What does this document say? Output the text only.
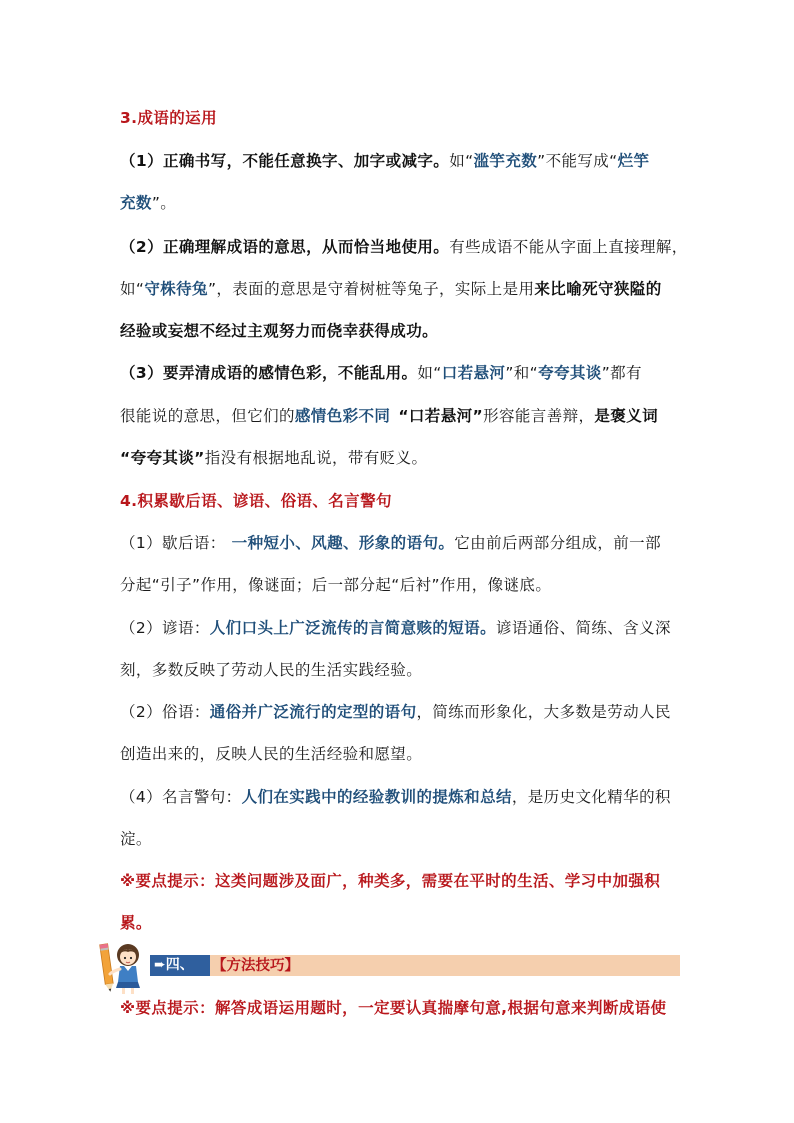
3.成语的运用
（1）正确书写，不能任意换字、加字或减字。如“滥竽充数”不能写成“烂竽
充数”。
（2）正确理解成语的意思，从而恰当地使用。有些成语不能从字面上直接理解，
如“守株待兔”，表面的意思是守着树桩等兔子，实际上是用来比喻死守狭隘的
经验或妄想不经过主观努力而侥幸获得成功。
（3）要弄清成语的感情色彩，不能乱用。如“口若悬河”和“夸夸其谈”都有
很能说的意思，但它们的感情色彩不同 “口若悬河”形容能言善辩，是褒义词
“夸夸其谈”指没有根据地乱说，带有贬义。
4.积累歇后语、谚语、俗语、名言警句
（1）歇后语： 一种短小、风趣、形象的语句。它由前后两部分组成，前一部
分起“引子”作用，像谜面；后一部分起“后衬”作用，像谜底。
（2）谚语：人们口头上广泛流传的言简意赅的短语。谚语通俗、简练、含义深
刻，多数反映了劳动人民的生活实践经验。
（2）俗语：通俗并广泛流行的定型的语句，简练而形象化，大多数是劳动人民
创造出来的，反映人民的生活经验和愿望。
（4）名言警句：人们在实践中的经验教训的提炼和总结，是历史文化精华的积
淀。
※要点提示：这类问题涉及面广，种类多，需要在平时的生活、学习中加强积
累。
※要点提示：解答成语运用题时，一定要认真揣摩句意,根据句意来判断成语使
➨四、	【方法技巧】
